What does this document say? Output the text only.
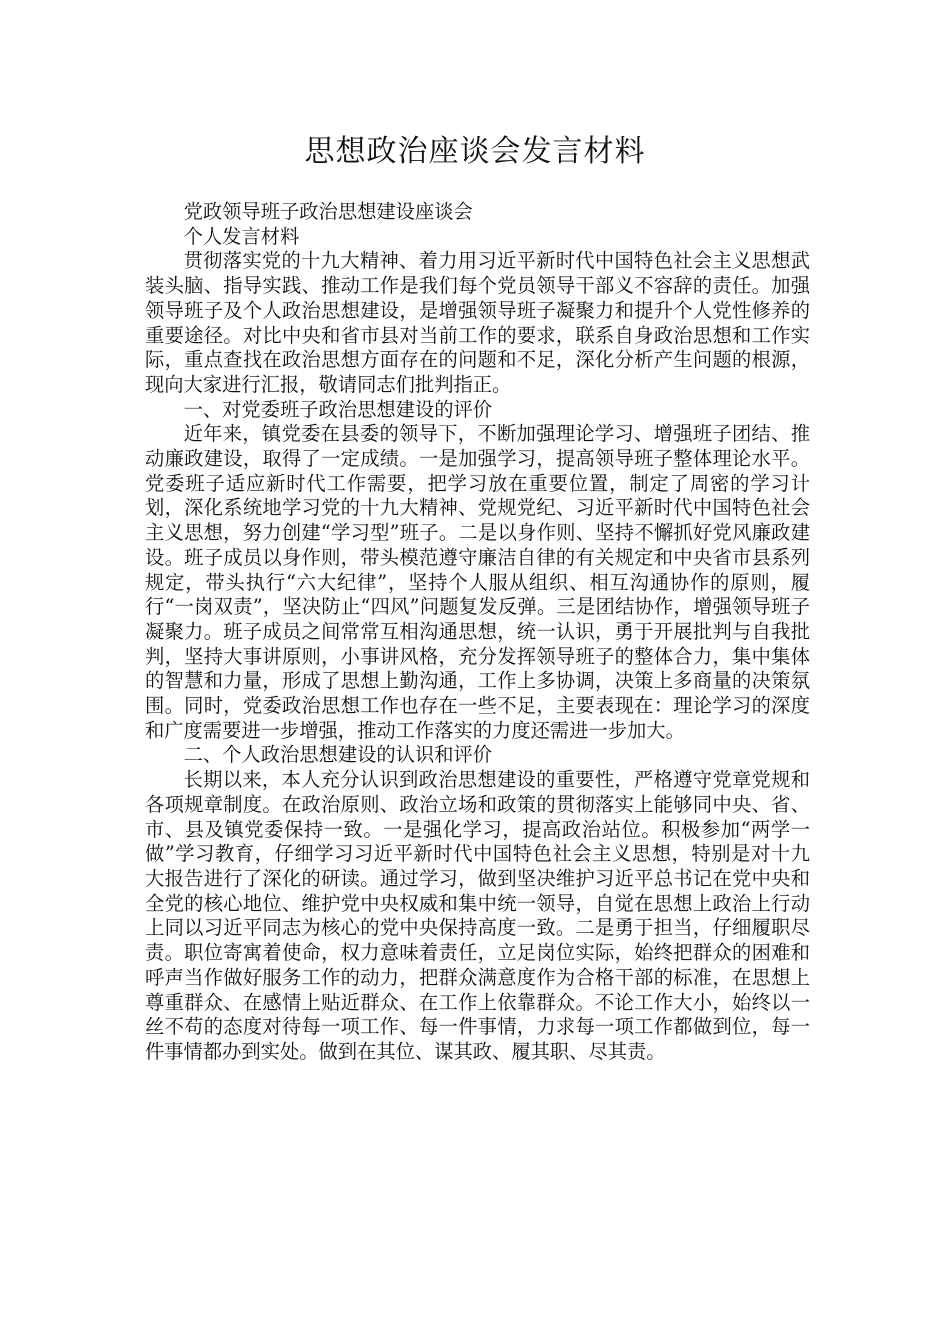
思想政治座谈会发言材料

党政领导班子政治思想建设座谈会

个人发言材料

贯彻落实党的十九大精神、着力用习近平新时代中国特色社会主义思想武装头脑、指导实践、推动工作是我们每个党员领导干部义不容辞的责任。加强领导班子及个人政治思想建设，是增强领导班子凝聚力和提升个人党性修养的重要途径。对比中央和省市县对当前工作的要求，联系自身政治思想和工作实际，重点查找在政治思想方面存在的问题和不足，深化分析产生问题的根源，现向大家进行汇报，敬请同志们批判指正。

一、对党委班子政治思想建设的评价

近年来，镇党委在县委的领导下，不断加强理论学习、增强班子团结、推动廉政建设，取得了一定成绩。一是加强学习，提高领导班子整体理论水平。党委班子适应新时代工作需要，把学习放在重要位置，制定了周密的学习计划，深化系统地学习党的十九大精神、党规党纪、习近平新时代中国特色社会主义思想，努力创建“学习型”班子。二是以身作则、坚持不懈抓好党风廉政建设。班子成员以身作则，带头模范遵守廉洁自律的有关规定和中央省市县系列规定，带头执行“六大纪律”，坚持个人服从组织、相互沟通协作的原则，履行“一岗双责”，坚决防止“四风”问题复发反弹。三是团结协作，增强领导班子凝聚力。班子成员之间常常互相沟通思想，统一认识，勇于开展批判与自我批判，坚持大事讲原则，小事讲风格，充分发挥领导班子的整体合力，集中集体的智慧和力量，形成了思想上勤沟通，工作上多协调，决策上多商量的决策氛围。同时，党委政治思想工作也存在一些不足，主要表现在：理论学习的深度和广度需要进一步增强，推动工作落实的力度还需进一步加大。

二、个人政治思想建设的认识和评价

长期以来，本人充分认识到政治思想建设的重要性，严格遵守党章党规和各项规章制度。在政治原则、政治立场和政策的贯彻落实上能够同中央、省、市、县及镇党委保持一致。一是强化学习，提高政治站位。积极参加“两学一做”学习教育，仔细学习习近平新时代中国特色社会主义思想，特别是对十九大报告进行了深化的研读。通过学习，做到坚决维护习近平总书记在党中央和全党的核心地位、维护党中央权威和集中统一领导，自觉在思想上政治上行动上同以习近平同志为核心的党中央保持高度一致。二是勇于担当，仔细履职尽责。职位寄寓着使命，权力意味着责任，立足岗位实际，始终把群众的困难和呼声当作做好服务工作的动力，把群众满意度作为合格干部的标准，在思想上尊重群众、在感情上贴近群众、在工作上依靠群众。不论工作大小，始终以一丝不苟的态度对待每一项工作、每一件事情，力求每一项工作都做到位，每一件事情都办到实处。做到在其位、谋其政、履其职、尽其责。
